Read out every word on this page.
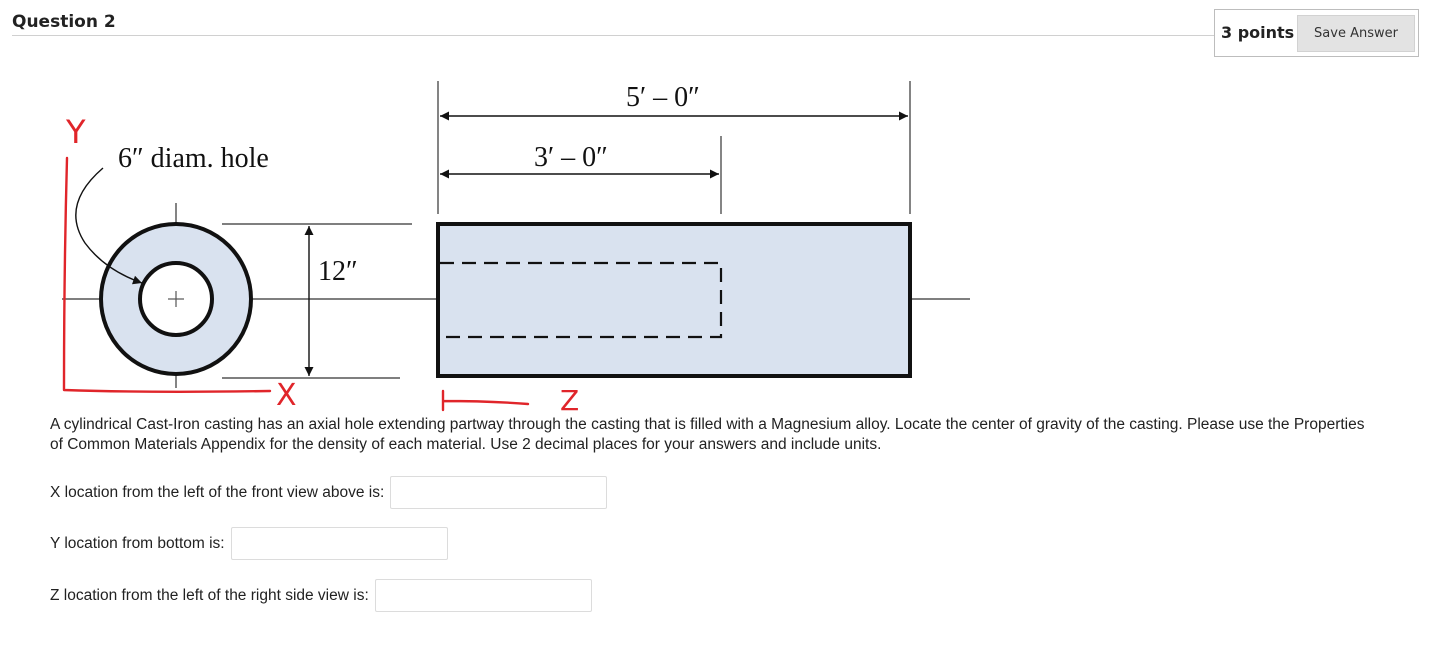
Question 2
3 points	Save Answer
12″
6″ diam. hole
5′ – 0″
3′ – 0″
Y
X	Z
A cylindrical Cast-Iron casting has an axial hole extending partway through the casting that is filled with a Magnesium alloy. Locate the center of gravity of the casting. Please use the Properties of Common Materials Appendix for the density of each material. Use 2 decimal places for your answers and include units.
X location from the left of the front view above is:
Y location from bottom is:
Z location from the left of the right side view is:
